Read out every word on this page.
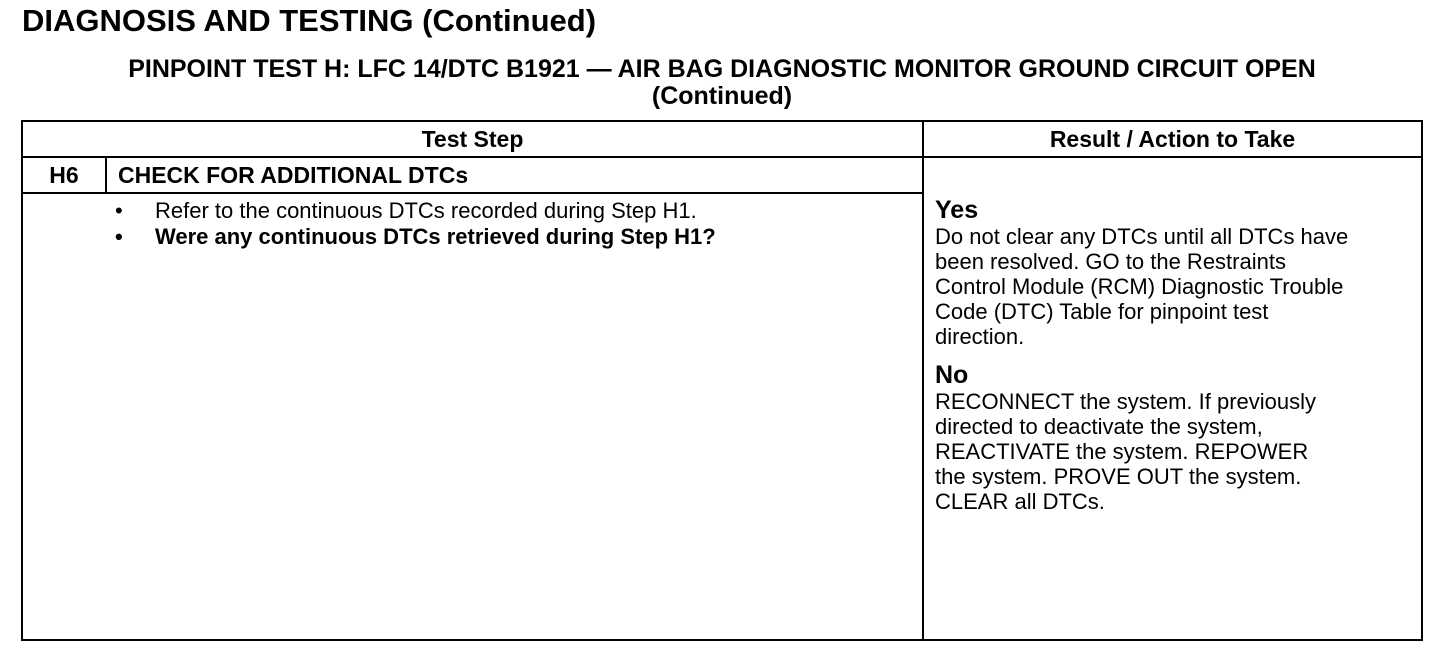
DIAGNOSIS AND TESTING (Continued)
PINPOINT TEST H: LFC 14/DTC B1921 — AIR BAG DIAGNOSTIC MONITOR GROUND CIRCUIT OPEN
(Continued)
Test Step	Result / Action to Take
H6	CHECK FOR ADDITIONAL DTCs
• Refer to the continuous DTCs recorded during Step H1.
• Were any continuous DTCs retrieved during Step H1?
Yes
Do not clear any DTCs until all DTCs have
been resolved. GO to the Restraints
Control Module (RCM) Diagnostic Trouble
Code (DTC) Table for pinpoint test
direction.
No
RECONNECT the system. If previously
directed to deactivate the system,
REACTIVATE the system. REPOWER
the system. PROVE OUT the system.
CLEAR all DTCs.
